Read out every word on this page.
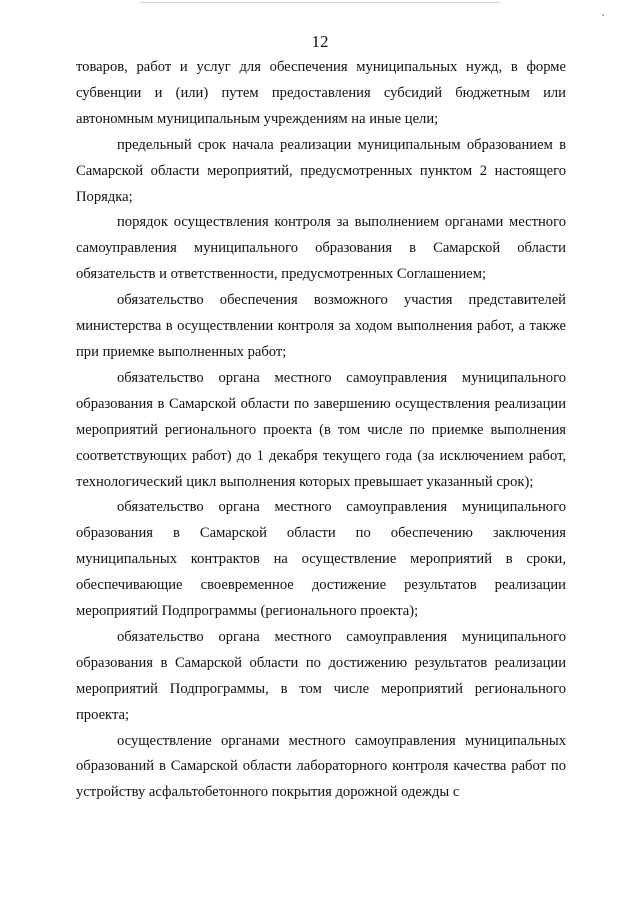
12

товаров, работ и услуг для обеспечения муниципальных нужд, в форме субвенции и (или) путем предоставления субсидий бюджетным или автономным муниципальным учреждениям на иные цели;

предельный срок начала реализации муниципальным образованием в Самарской области мероприятий, предусмотренных пунктом 2 настоящего Порядка;

порядок осуществления контроля за выполнением органами местного самоуправления муниципального образования в Самарской области обязательств и ответственности, предусмотренных Соглашением;

обязательство обеспечения возможного участия представителей министерства в осуществлении контроля за ходом выполнения работ, а также при приемке выполненных работ;

обязательство органа местного самоуправления муниципального образования в Самарской области по завершению осуществления реализации мероприятий регионального проекта (в том числе по приемке выполнения соответствующих работ) до 1 декабря текущего года (за исключением работ, технологический цикл выполнения которых превышает указанный срок);

обязательство органа местного самоуправления муниципального образования в Самарской области по обеспечению заключения муниципальных контрактов на осуществление мероприятий в сроки, обеспечивающие своевременное достижение результатов реализации мероприятий Подпрограммы (регионального проекта);

обязательство органа местного самоуправления муниципального образования в Самарской области по достижению результатов реализации мероприятий Подпрограммы, в том числе мероприятий регионального проекта;

осуществление органами местного самоуправления муниципальных образований в Самарской области лабораторного контроля качества работ по устройству асфальтобетонного покрытия дорожной одежды с
